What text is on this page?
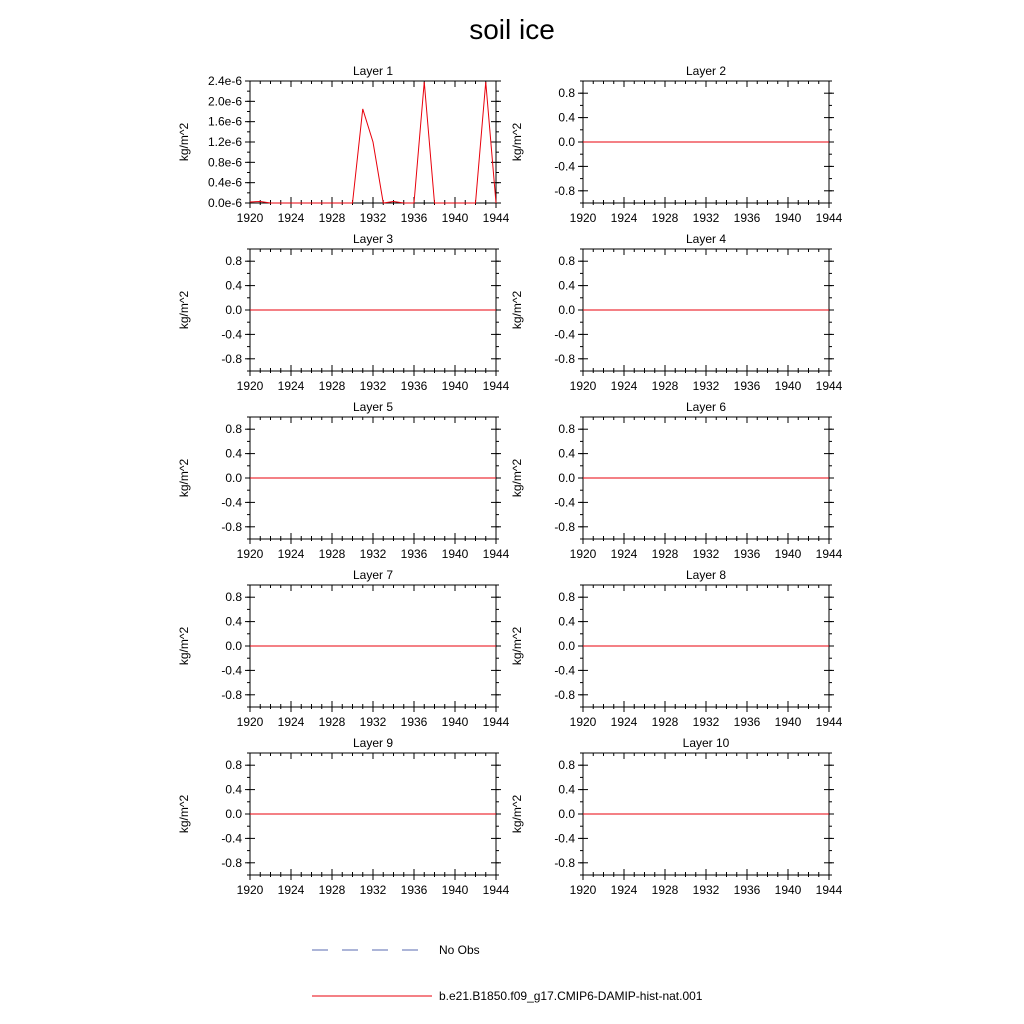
soil ice
Layer 1
kg/m^2
1920 1924 1928 1932 1936 1940 1944
0.0e-6
0.4e-6
0.8e-6
1.2e-6
1.6e-6
2.0e-6
2.4e-6
Layer 2
kg/m^2
1920 1924 1928 1932 1936 1940 1944
-0.8
-0.4
0.0
0.4
0.8
Layer 3
kg/m^2
1920 1924 1928 1932 1936 1940 1944
-0.8
-0.4
0.0
0.4
0.8
Layer 4
kg/m^2
1920 1924 1928 1932 1936 1940 1944
-0.8
-0.4
0.0
0.4
0.8
Layer 5
kg/m^2
1920 1924 1928 1932 1936 1940 1944
-0.8
-0.4
0.0
0.4
0.8
Layer 6
kg/m^2
1920 1924 1928 1932 1936 1940 1944
-0.8
-0.4
0.0
0.4
0.8
Layer 7
kg/m^2
1920 1924 1928 1932 1936 1940 1944
-0.8
-0.4
0.0
0.4
0.8
Layer 8
kg/m^2
1920 1924 1928 1932 1936 1940 1944
-0.8
-0.4
0.0
0.4
0.8
Layer 9
kg/m^2
1920 1924 1928 1932 1936 1940 1944
-0.8
-0.4
0.0
0.4
0.8
Layer 10
kg/m^2
1920 1924 1928 1932 1936 1940 1944
-0.8
-0.4
0.0
0.4
0.8
No Obs
b.e21.B1850.f09_g17.CMIP6-DAMIP-hist-nat.001
